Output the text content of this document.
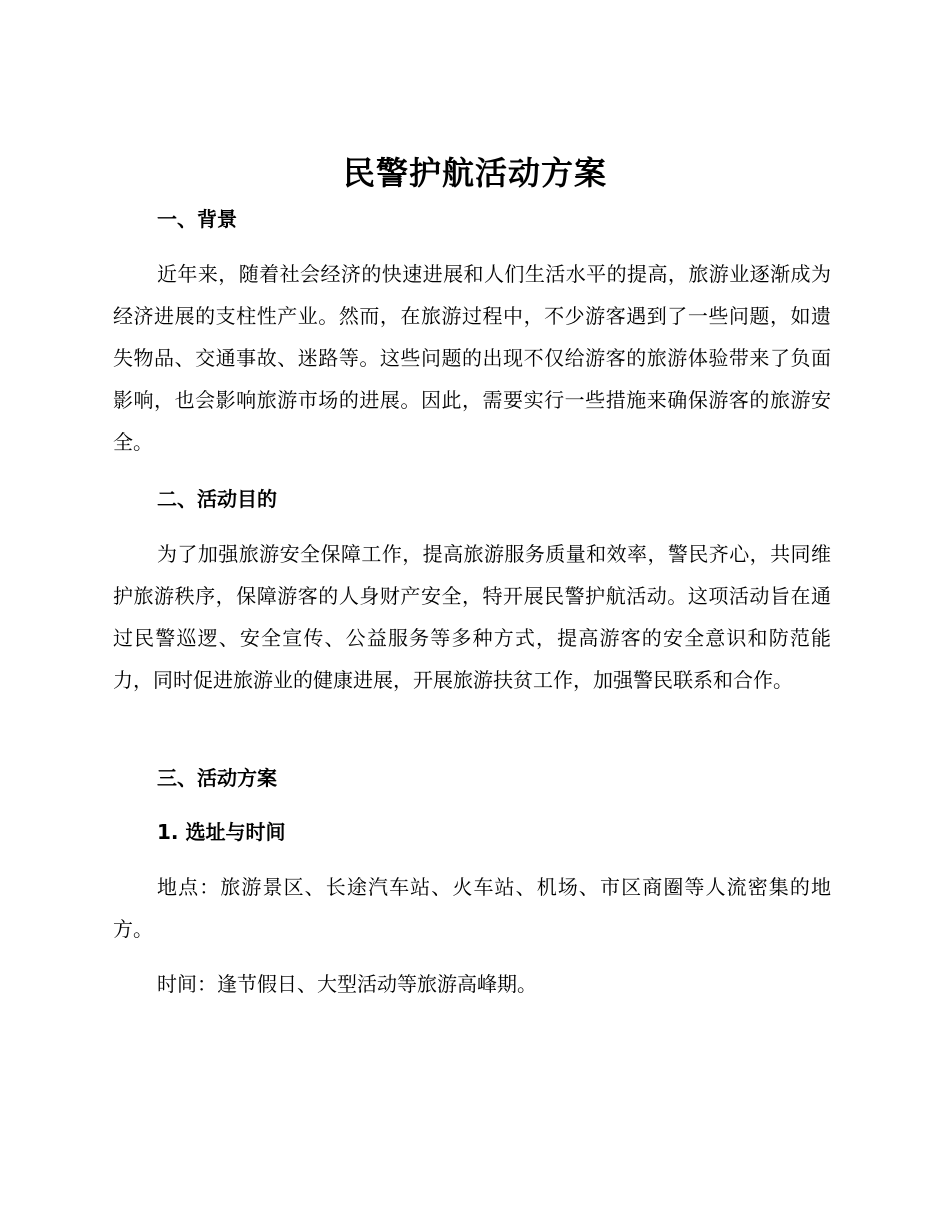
民警护航活动方案
一、背景

近年来，随着社会经济的快速进展和人们生活水平的提高，旅游业逐渐成为经济进展的支柱性产业。然而，在旅游过程中，不少游客遇到了一些问题，如遗失物品、交通事故、迷路等。这些问题的出现不仅给游客的旅游体验带来了负面影响，也会影响旅游市场的进展。因此，需要实行一些措施来确保游客的旅游安全。

二、活动目的

为了加强旅游安全保障工作，提高旅游服务质量和效率，警民齐心，共同维护旅游秩序，保障游客的人身财产安全，特开展民警护航活动。这项活动旨在通过民警巡逻、安全宣传、公益服务等多种方式，提高游客的安全意识和防范能力，同时促进旅游业的健康进展，开展旅游扶贫工作，加强警民联系和合作。

三、活动方案
1. 选址与时间

地点：旅游景区、长途汽车站、火车站、机场、市区商圈等人流密集的地方。

时间：逢节假日、大型活动等旅游高峰期。
